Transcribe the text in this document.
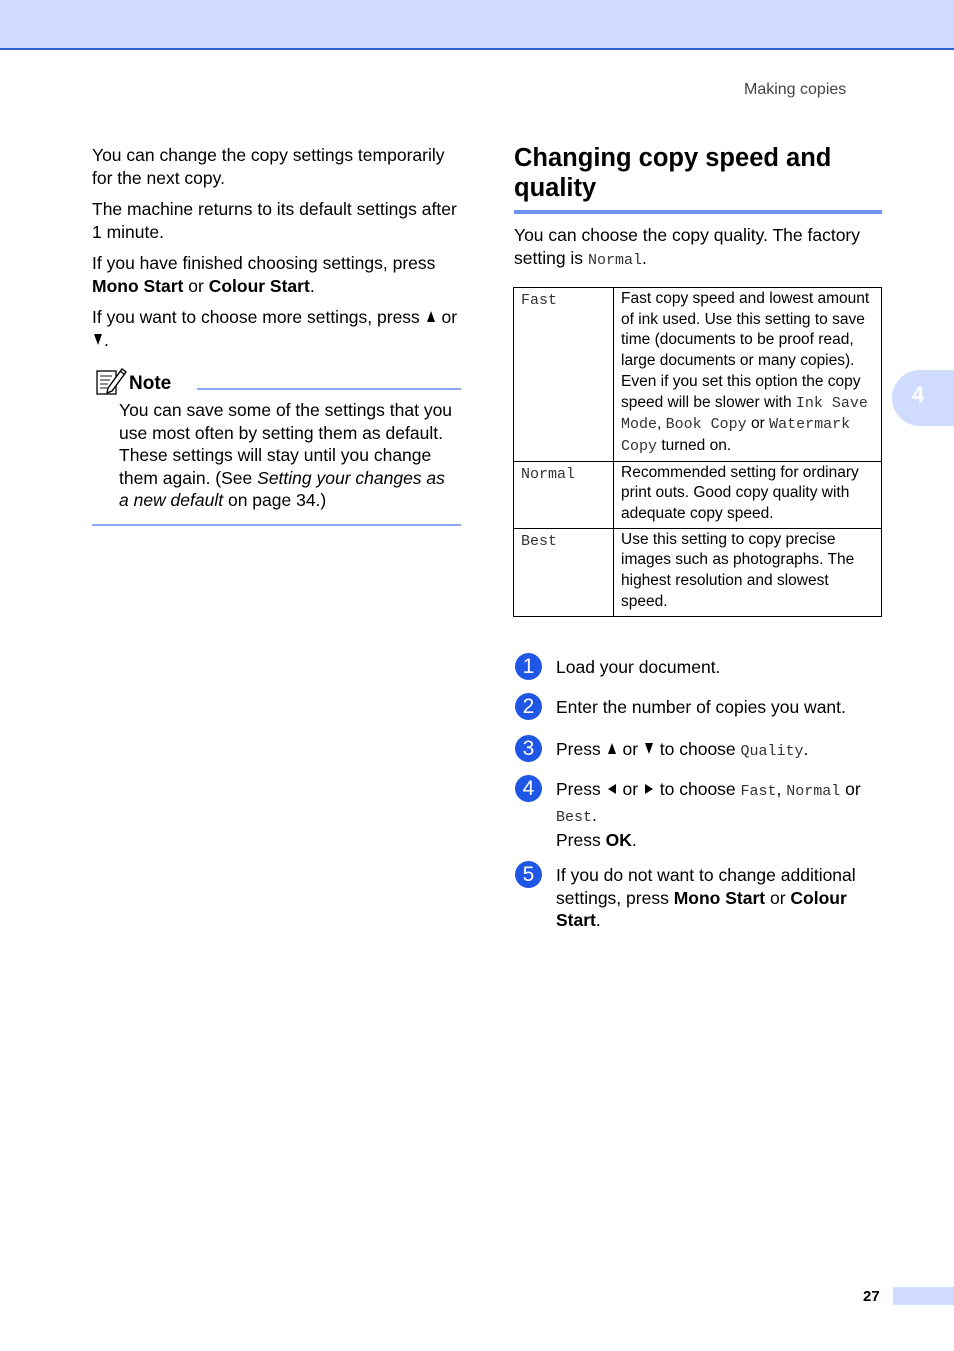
Making copies

You can change the copy settings temporarily for the next copy.

The machine returns to its default settings after 1 minute.

If you have finished choosing settings, press Mono Start or Colour Start.

If you want to choose more settings, press  or .

Note
You can save some of the settings that you use most often by setting them as default. These settings will stay until you change them again. (See Setting your changes as a new default on page 34.)
Changing copy speed and quality

You can choose the copy quality. The factory setting is Normal.

Fast	Fast copy speed and lowest amount of ink used. Use this setting to save time (documents to be proof read, large documents or many copies). Even if you set this option the copy speed will be slower with Ink Save Mode, Book Copy or Watermark Copy turned on.
Normal	Recommended setting for ordinary print outs. Good copy quality with adequate copy speed.
Best	Use this setting to copy precise images such as photographs. The highest resolution and slowest speed.
1	Load your document.
2	Enter the number of copies you want.
3	Press  or  to choose Quality.
4	Press  or  to choose Fast, Normal or Best.
Press OK.
5	If you do not want to change additional settings, press Mono Start or Colour Start.
4
27
